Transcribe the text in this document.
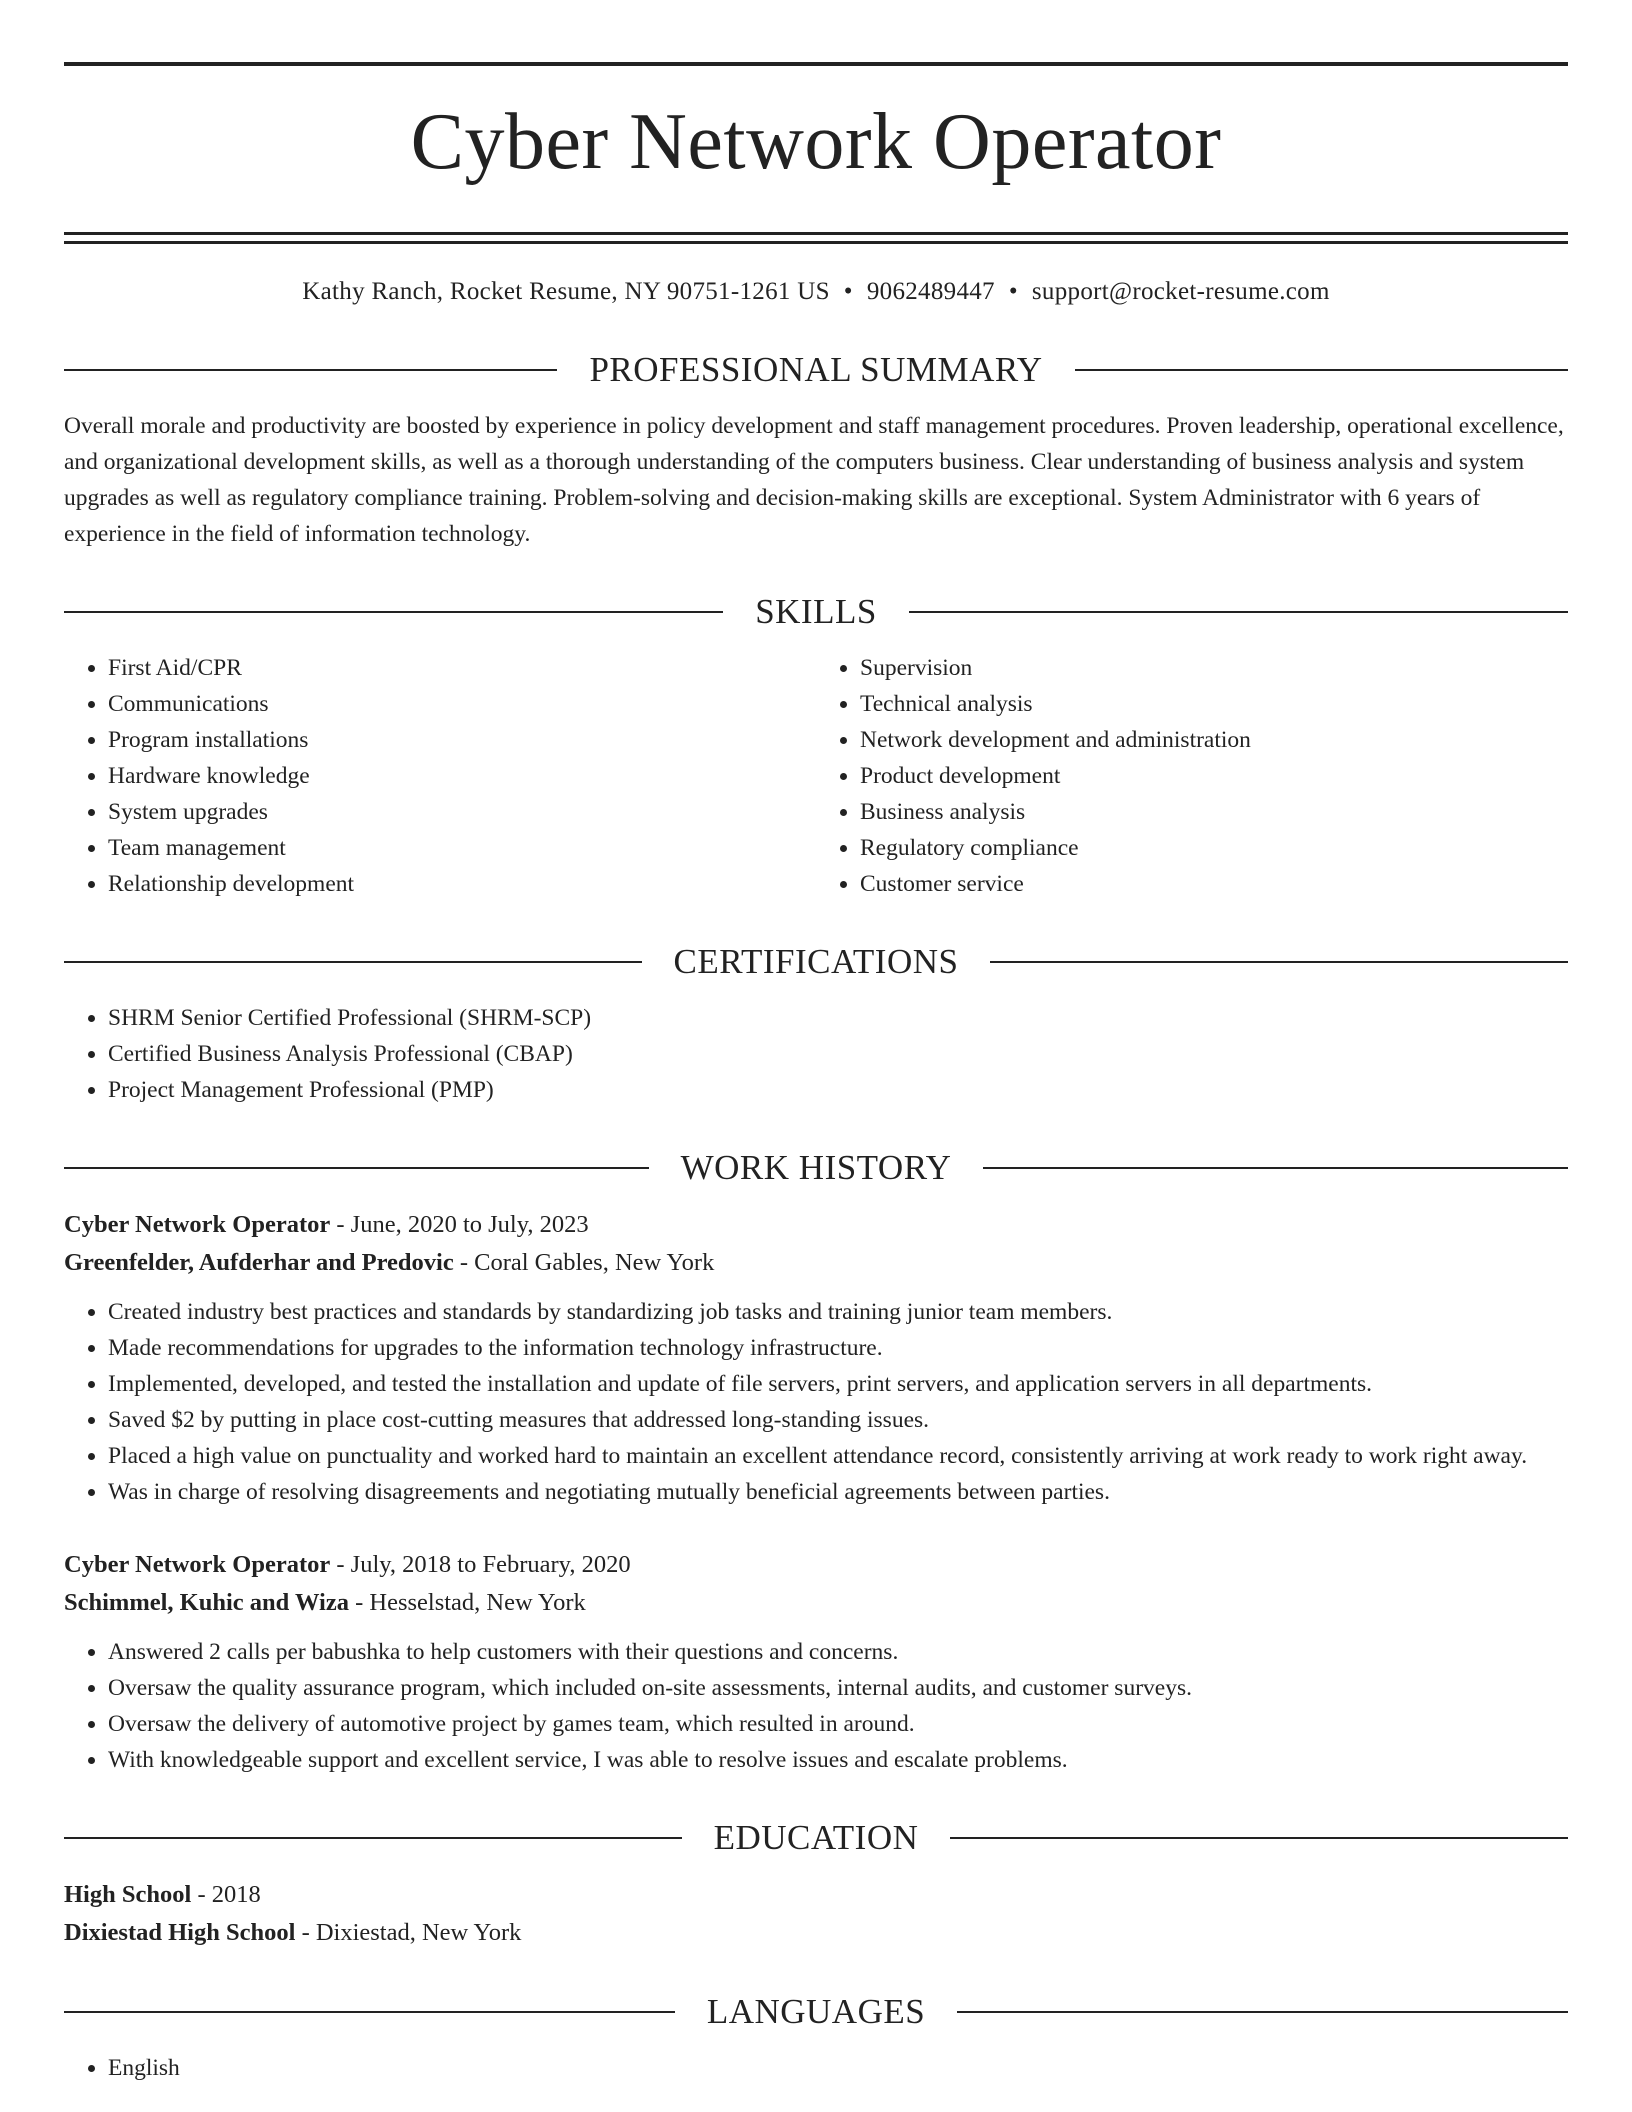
Cyber Network Operator
Kathy Ranch, Rocket Resume, NY 90751-1261 US • 9062489447 • support@rocket-resume.com
PROFESSIONAL SUMMARY

Overall morale and productivity are boosted by experience in policy development and staff management procedures. Proven leadership, operational excellence, and organizational development skills, as well as a thorough understanding of the computers business. Clear understanding of business analysis and system upgrades as well as regulatory compliance training. Problem-solving and decision-making skills are exceptional. System Administrator with 6 years of experience in the field of information technology.

SKILLS
• First Aid/CPR
• Communications
• Program installations
• Hardware knowledge
• System upgrades
• Team management
• Relationship development
• Supervision
• Technical analysis
• Network development and administration
• Product development
• Business analysis
• Regulatory compliance
• Customer service
CERTIFICATIONS
• SHRM Senior Certified Professional (SHRM-SCP)
• Certified Business Analysis Professional (CBAP)
• Project Management Professional (PMP)
WORK HISTORY
Cyber Network Operator - June, 2020 to July, 2023
Greenfelder, Aufderhar and Predovic - Coral Gables, New York
• Created industry best practices and standards by standardizing job tasks and training junior team members.
• Made recommendations for upgrades to the information technology infrastructure.
• Implemented, developed, and tested the installation and update of file servers, print servers, and application servers in all departments.
• Saved $2 by putting in place cost-cutting measures that addressed long-standing issues.
• Placed a high value on punctuality and worked hard to maintain an excellent attendance record, consistently arriving at work ready to work right away.
• Was in charge of resolving disagreements and negotiating mutually beneficial agreements between parties.
Cyber Network Operator - July, 2018 to February, 2020
Schimmel, Kuhic and Wiza - Hesselstad, New York
• Answered 2 calls per babushka to help customers with their questions and concerns.
• Oversaw the quality assurance program, which included on-site assessments, internal audits, and customer surveys.
• Oversaw the delivery of automotive project by games team, which resulted in around.
• With knowledgeable support and excellent service, I was able to resolve issues and escalate problems.
EDUCATION
High School - 2018
Dixiestad High School - Dixiestad, New York
LANGUAGES
• English
